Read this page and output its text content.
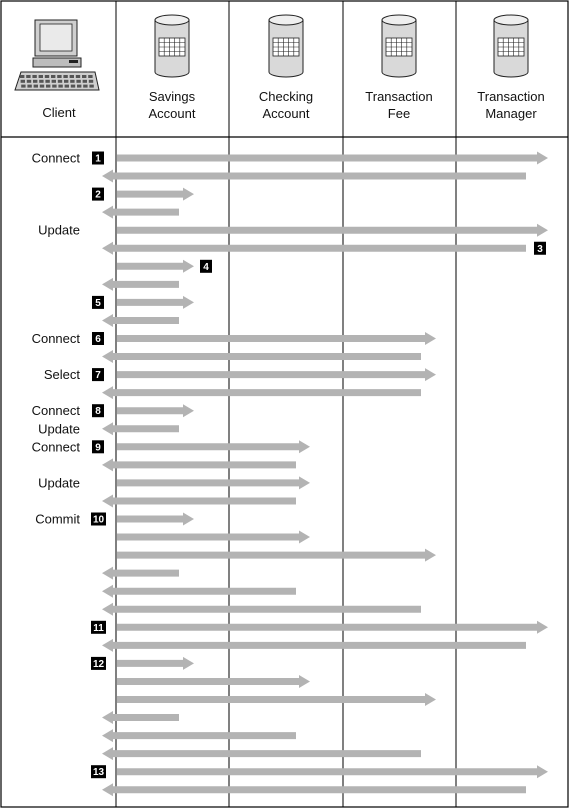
Client
Savings
Account
Checking
Account
Transaction
Fee
Transaction
Manager
1
Connect
2
3
4
5
6
Connect
7
Select
8
Connect
9
Connect
10
Commit
11
12
13
Update
Update
Update
